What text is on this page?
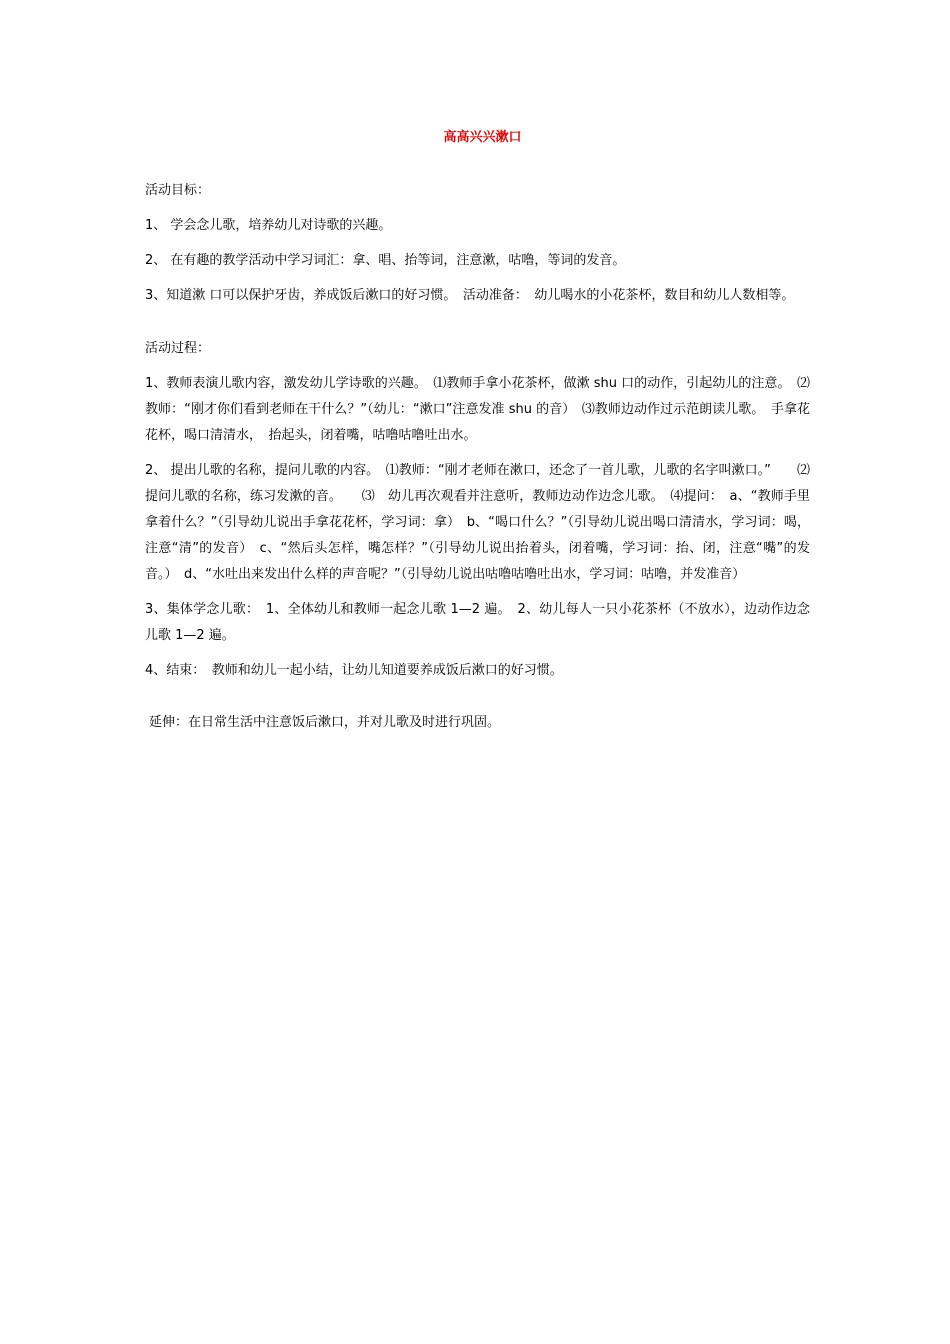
高高兴兴漱口

活动目标：

1、 学会念儿歌，培养幼儿对诗歌的兴趣。

2、 在有趣的教学活动中学习词汇：拿、唱、抬等词，注意漱，咕噜，等词的发音。

3、知道漱 口可以保护牙齿，养成饭后漱口的好习惯。　活动准备：　幼儿喝水的小花茶杯，数目和幼儿人数相等。

活动过程：

1、教师表演儿歌内容，激发幼儿学诗歌的兴趣。　⑴教师手拿小花茶杯，做漱 shu 口的动作，引起幼儿的注意。　⑵教师：“刚才你们看到老师在干什么？”（幼儿：“漱口”注意发准 shu 的音）　⑶教师边动作过示范朗读儿歌。　手拿花花杯，喝口清清水，　抬起头，闭着嘴，咕噜咕噜吐出水。

2、 提出儿歌的名称，提问儿歌的内容。　⑴教师：“刚才老师在漱口，还念了一首儿歌，儿歌的名字叫漱口。”　　⑵ 提问儿歌的名称，练习发漱的音。　　⑶　幼儿再次观看并注意听，教师边动作边念儿歌。　⑷提问：　a、“教师手里拿着什么？”（引导幼儿说出手拿花花杯，学习词：拿）　b、“喝口什么？”（引导幼儿说出喝口清清水，学习词：喝，注意“清”的发音）　c、“然后头怎样，嘴怎样？”（引导幼儿说出抬着头，闭着嘴，学习词：抬、闭，注意“嘴”的发音。）　d、“水吐出来发出什么样的声音呢？”（引导幼儿说出咕噜咕噜吐出水，学习词：咕噜，并发准音）

3、集体学念儿歌：　1、全体幼儿和教师一起念儿歌 1—2 遍。　2、幼儿每人一只小花茶杯（不放水），边动作边念儿歌 1—2 遍。

4、结束：　教师和幼儿一起小结，让幼儿知道要养成饭后漱口的好习惯。

延伸：在日常生活中注意饭后漱口，并对儿歌及时进行巩固。
